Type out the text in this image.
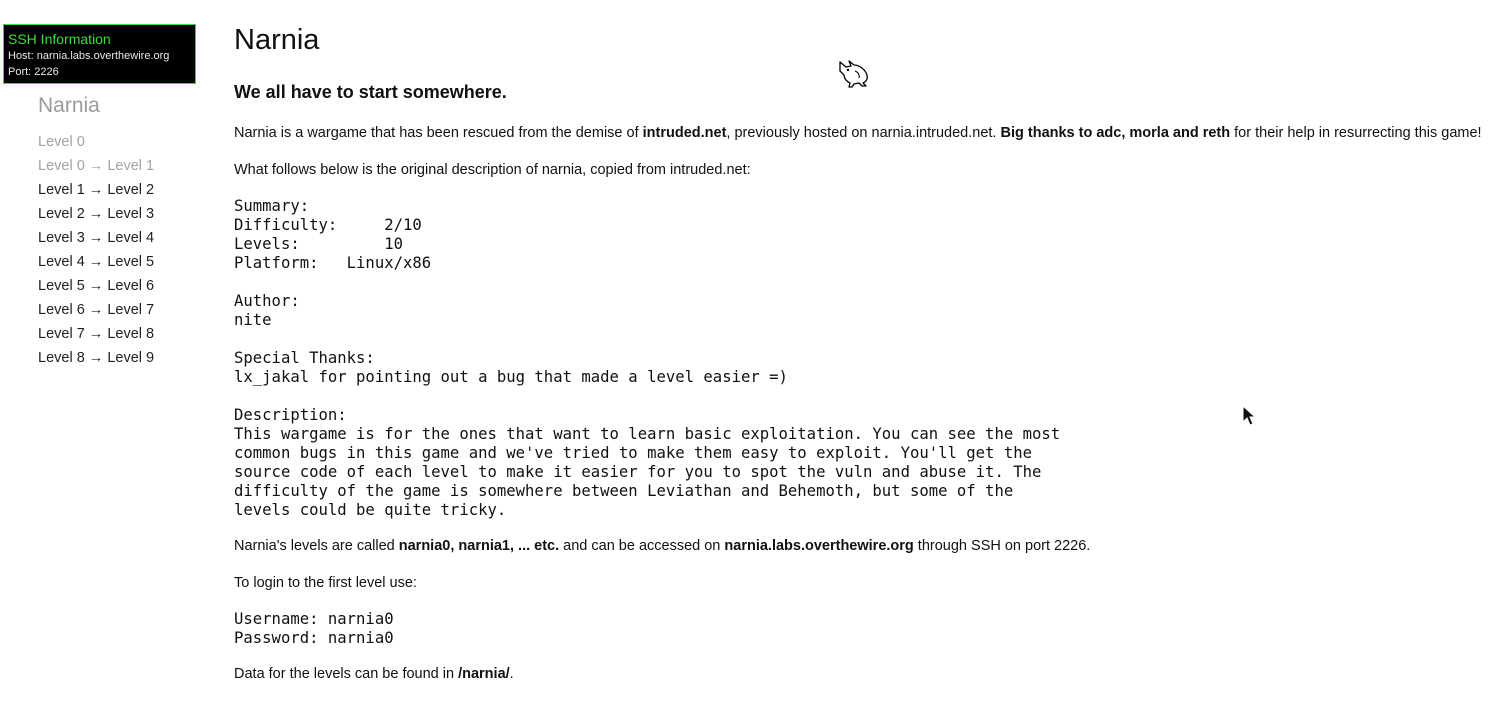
SSH Information
Host: narnia.labs.overthewire.org
Port: 2226
Narnia
Level 0
Level 0 → Level 1
Level 1 → Level 2
Level 2 → Level 3
Level 3 → Level 4
Level 4 → Level 5
Level 5 → Level 6
Level 6 → Level 7
Level 7 → Level 8
Level 8 → Level 9
Narnia
We all have to start somewhere.

Narnia is a wargame that has been rescued from the demise of intruded.net, previously hosted on narnia.intruded.net. Big thanks to adc, morla and reth for their help in resurrecting this game!

What follows below is the original description of narnia, copied from intruded.net:

Summary:
Difficulty:     2/10
Levels:         10
Platform:   Linux/x86

Author:
nite

Special Thanks:
lx_jakal for pointing out a bug that made a level easier =)

Description:
This wargame is for the ones that want to learn basic exploitation. You can see the most
common bugs in this game and we've tried to make them easy to exploit. You'll get the
source code of each level to make it easier for you to spot the vuln and abuse it. The
difficulty of the game is somewhere between Leviathan and Behemoth, but some of the
levels could be quite tricky.

Narnia's levels are called narnia0, narnia1, ... etc. and can be accessed on narnia.labs.overthewire.org through SSH on port 2226.

To login to the first level use:

Username: narnia0
Password: narnia0

Data for the levels can be found in /narnia/.
